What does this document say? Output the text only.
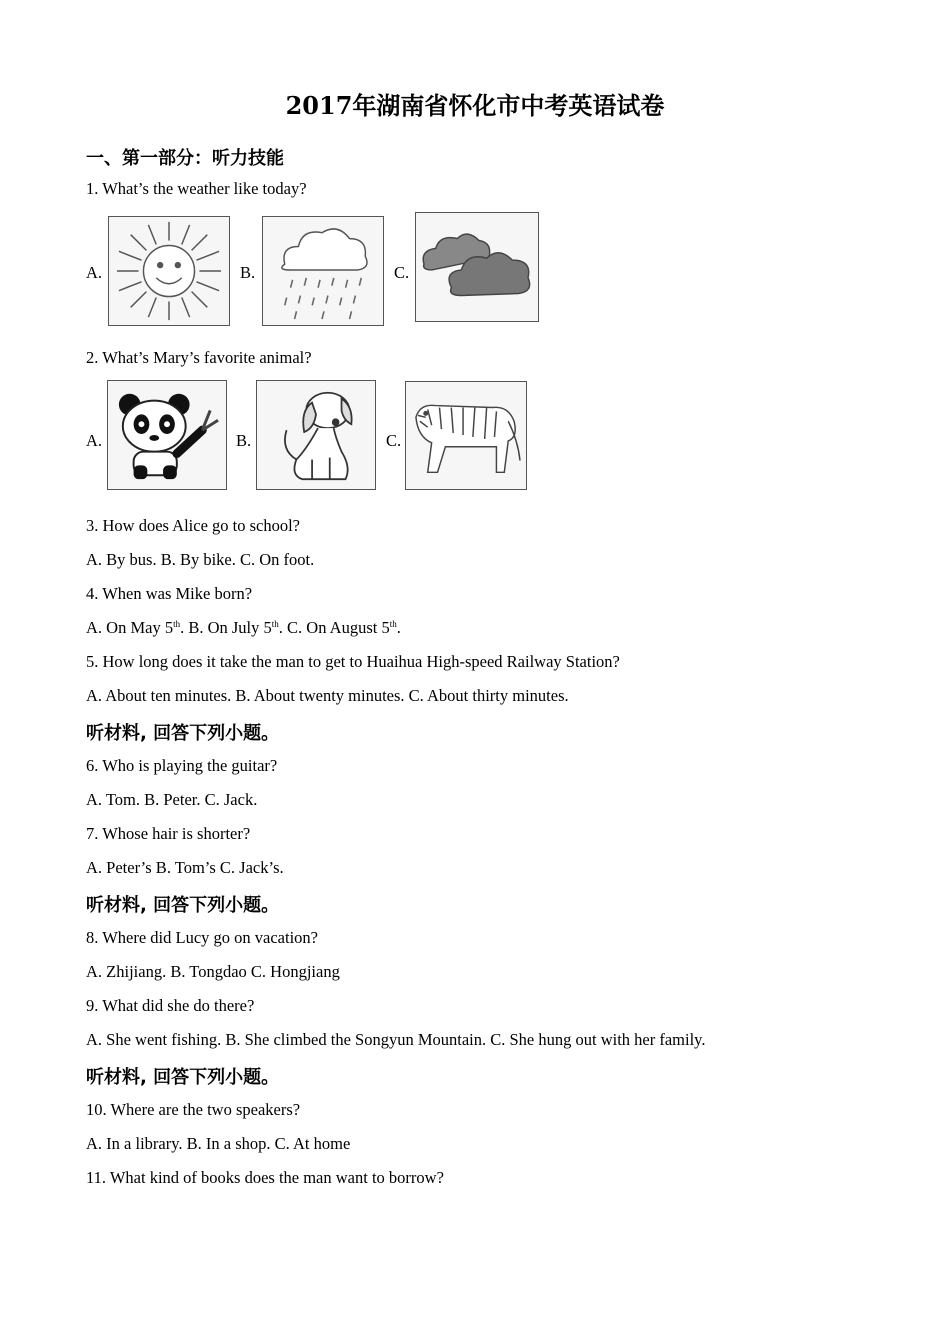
2017年湖南省怀化市中考英语试卷
一、第一部分：听力技能
1. What’s the weather like today?
A.	B.	C.
2. What’s Mary’s favorite animal?
A.	B.	C.
3. How does Alice go to school?
A. By bus. B. By bike. C. On foot.
4. When was Mike born?
A. On May 5th. B. On July 5th. C. On August 5th.
5. How long does it take the man to get to Huaihua High-speed Railway Station?
A. About ten minutes. B. About twenty minutes. C. About thirty minutes.
听材料, 回答下列小题。
6. Who is playing the guitar?
A. Tom. B. Peter. C. Jack.
7. Whose hair is shorter?
A. Peter’s B. Tom’s C. Jack’s.
听材料, 回答下列小题。
8. Where did Lucy go on vacation?
A. Zhijiang. B. Tongdao C. Hongjiang
9. What did she do there?
A. She went fishing. B. She climbed the Songyun Mountain. C. She hung out with her family.
听材料, 回答下列小题。
10. Where are the two speakers?
A. In a library. B. In a shop. C. At home
11. What kind of books does the man want to borrow?
